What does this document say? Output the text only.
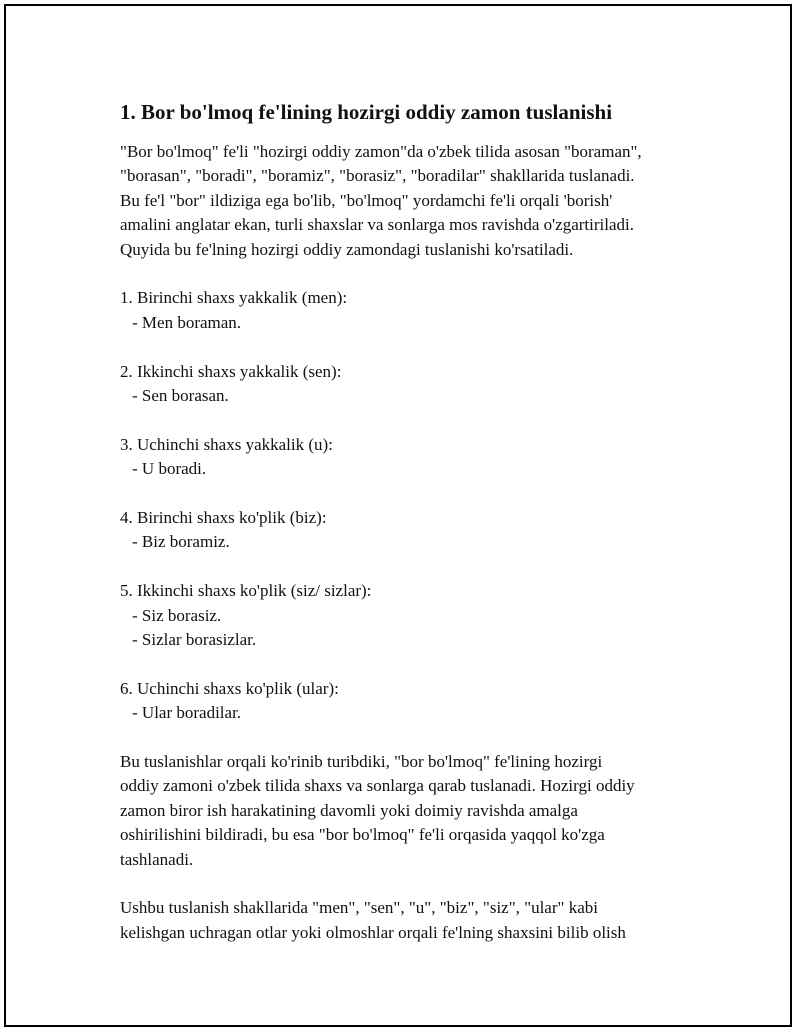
1. Bor bo'lmoq fe'lining hozirgi oddiy zamon tuslanishi

"Bor bo'lmoq" fe'li "hozirgi oddiy zamon"da o'zbek tilida asosan "boraman",
"borasan", "boradi", "boramiz", "borasiz", "boradilar" shakllarida tuslanadi.
Bu fe'l "bor" ildiziga ega bo'lib, "bo'lmoq" yordamchi fe'li orqali 'borish'
amalini anglatar ekan, turli shaxslar va sonlarga mos ravishda o'zgartiriladi.
Quyida bu fe'lning hozirgi oddiy zamondagi tuslanishi ko'rsatiladi.

1. Birinchi shaxs yakkalik (men):
- Men boraman.
2. Ikkinchi shaxs yakkalik (sen):
- Sen borasan.
3. Uchinchi shaxs yakkalik (u):
- U boradi.
4. Birinchi shaxs ko'plik (biz):
- Biz boramiz.
5. Ikkinchi shaxs ko'plik (siz/ sizlar):
- Siz borasiz.
- Sizlar borasizlar.
6. Uchinchi shaxs ko'plik (ular):
- Ular boradilar.

Bu tuslanishlar orqali ko'rinib turibdiki, "bor bo'lmoq" fe'lining hozirgi
oddiy zamoni o'zbek tilida shaxs va sonlarga qarab tuslanadi. Hozirgi oddiy
zamon biror ish harakatining davomli yoki doimiy ravishda amalga
oshirilishini bildiradi, bu esa "bor bo'lmoq" fe'li orqasida yaqqol ko'zga
tashlanadi.

Ushbu tuslanish shakllarida "men", "sen", "u", "biz", "siz", "ular" kabi
kelishgan uchragan otlar yoki olmoshlar orqali fe'lning shaxsini bilib olish
